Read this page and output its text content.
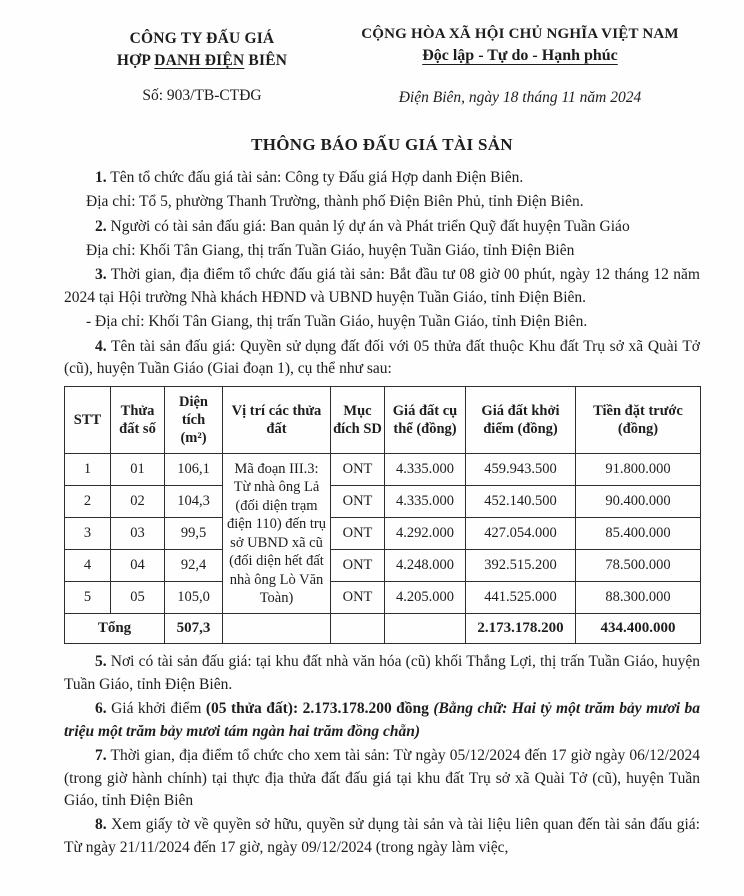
CÔNG TY ĐẤU GIÁ
HỢP DANH ĐIỆN BIÊN
Số: 903/TB-CTĐG
CỘNG HÒA XÃ HỘI CHỦ NGHĨA VIỆT NAM
Độc lập - Tự do - Hạnh phúc
Điện Biên, ngày 18 tháng 11 năm 2024
THÔNG BÁO ĐẤU GIÁ TÀI SẢN

1. Tên tổ chức đấu giá tài sản: Công ty Đấu giá Hợp danh Điện Biên.

Địa chỉ: Tổ 5, phường Thanh Trường, thành phố Điện Biên Phủ, tỉnh Điện Biên.

2. Người có tài sản đấu giá: Ban quản lý dự án và Phát triển Quỹ đất huyện Tuần Giáo

Địa chỉ: Khối Tân Giang, thị trấn Tuần Giáo, huyện Tuần Giáo, tỉnh Điện Biên

3. Thời gian, địa điểm tổ chức đấu giá tài sản: Bắt đầu tư 08 giờ 00 phút, ngày 12 tháng 12 năm 2024 tại Hội trường Nhà khách HĐND và UBND huyện Tuần Giáo, tỉnh Điện Biên.

- Địa chỉ: Khối Tân Giang, thị trấn Tuần Giáo, huyện Tuần Giáo, tỉnh Điện Biên.

4. Tên tài sản đấu giá: Quyền sử dụng đất đối với 05 thửa đất thuộc Khu đất Trụ sở xã Quài Tở (cũ), huyện Tuần Giáo (Giai đoạn 1), cụ thể như sau:

STT	Thửa đất số	Diện tích (m²)	Vị trí các thửa đất	Mục đích SD	Giá đất cụ thể (đồng)	Giá đất khởi điểm (đồng)	Tiền đặt trước (đồng)
1	01	106,1	Mã đoạn III.3: Từ nhà ông Lả (đối diện trạm điện 110) đến trụ sở UBND xã cũ (đối diện hết đất nhà ông Lò Văn Toàn)	ONT	4.335.000	459.943.500	91.800.000
2	02	104,3		ONT	4.335.000	452.140.500	90.400.000
3	03	99,5		ONT	4.292.000	427.054.000	85.400.000
4	04	92,4		ONT	4.248.000	392.515.200	78.500.000
5	05	105,0		ONT	4.205.000	441.525.000	88.300.000
Tổng		507,3				2.173.178.200	434.400.000

5. Nơi có tài sản đấu giá: tại khu đất nhà văn hóa (cũ) khối Thắng Lợi, thị trấn Tuần Giáo, huyện Tuần Giáo, tỉnh Điện Biên.

6. Giá khởi điểm (05 thửa đất): 2.173.178.200 đồng (Bằng chữ: Hai tỷ một trăm bảy mươi ba triệu một trăm bảy mươi tám ngàn hai trăm đồng chẵn)

7. Thời gian, địa điểm tổ chức cho xem tài sản: Từ ngày 05/12/2024 đến 17 giờ ngày 06/12/2024 (trong giờ hành chính) tại thực địa thửa đất đấu giá tại khu đất Trụ sở xã Quài Tở (cũ), huyện Tuần Giáo, tỉnh Điện Biên

8. Xem giấy tờ về quyền sở hữu, quyền sử dụng tài sản và tài liệu liên quan đến tài sản đấu giá: Từ ngày 21/11/2024 đến 17 giờ, ngày 09/12/2024 (trong ngày làm việc,
